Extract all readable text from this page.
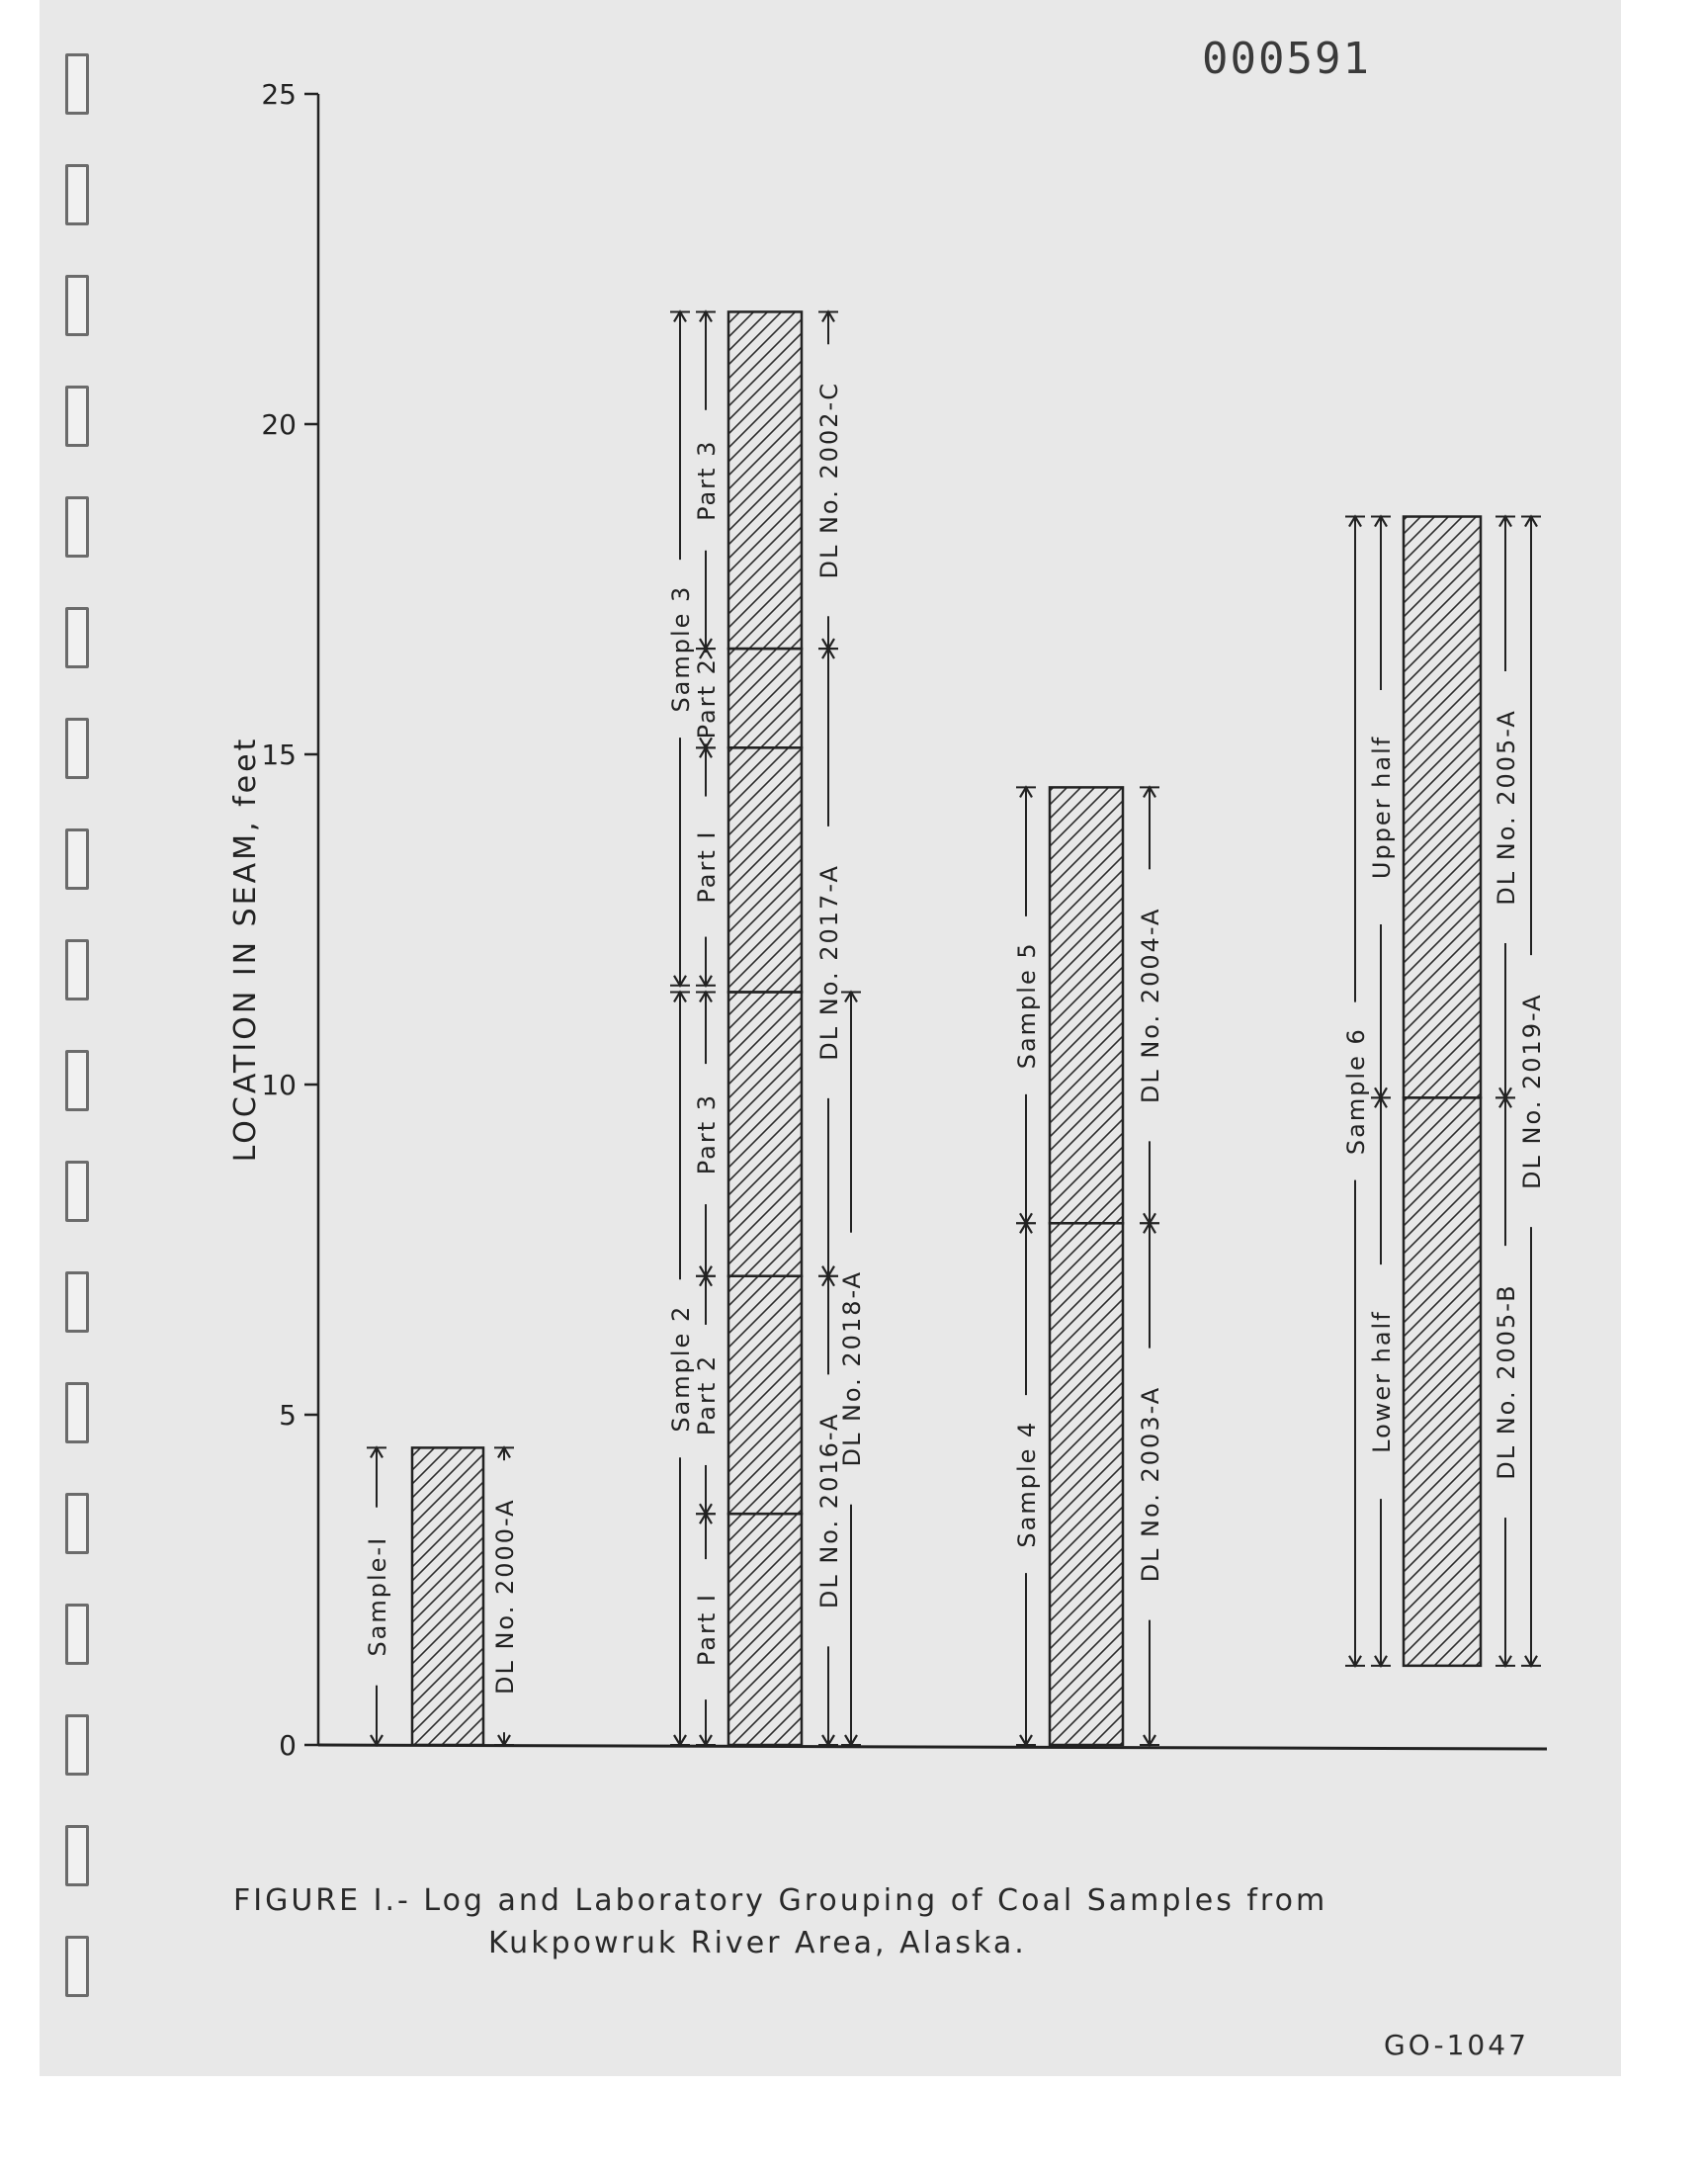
000591
0
5
10
15
20
25
LOCATION IN SEAM, feet
Sample-I	DL No. 2000-A	Part I
Part 2
Part 3
Sample 2
Part I
Part 2
Part 3
Sample 3
DL No. 2016-A
DL No. 2018-A
DL No. 2017-A
DL No. 2002-C
Sample 4
Sample 5
DL No. 2003-A
DL No. 2004-A
Lower half
Upper half
Sample 6
DL No. 2005-B
DL No. 2005-A
DL No. 2019-A
FIGURE I.- Log and Laboratory Grouping of Coal Samples from
Kukpowruk River Area, Alaska.
GO-1047
